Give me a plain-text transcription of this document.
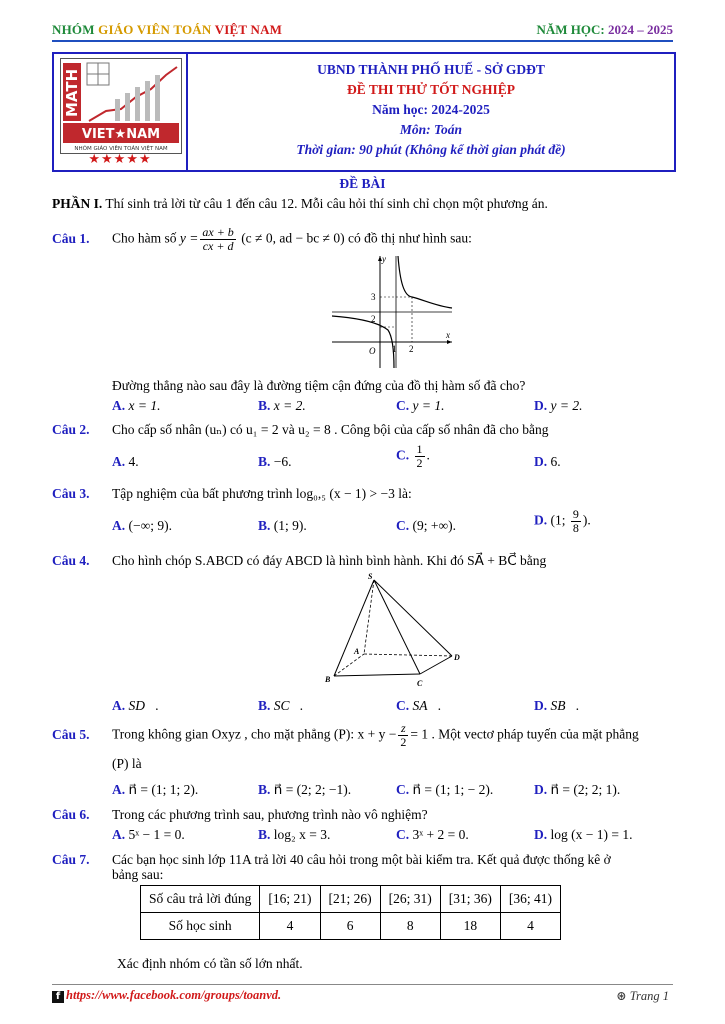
NHÓM GIÁO VIÊN TOÁN VIỆT NAM	NĂM HỌC: 2024 – 2025
MATH
VIET★NAM
NHÓM GIÁO VIÊN TOÁN VIỆT NAM
★★★★★
UBND THÀNH PHỐ HUẾ - SỞ GDĐT
ĐỀ THI THỬ TỐT NGHIỆP
Năm học: 2024-2025
Môn: Toán
Thời gian: 90 phút (Không kể thời gian phát đề)
ĐỀ BÀI
PHẦN I. Thí sinh trả lời từ câu 1 đến câu 12. Mỗi câu hỏi thí sinh chỉ chọn một phương án.
Câu 1. Cho hàm số $y = \frac{ax + b}{cx + d} (c \ne 0$, ad − bc ≠ 0) có đồ thị như hình sau:
y
x
O 1 2
3
2
Đường thẳng nào sau đây là đường tiệm cận đứng của đồ thị hàm số đã cho?
A. x = 1.	B. x = 2.	C. y = 1.	D. y = 2.
Câu 2. Cho cấp số nhân (uₙ) có u₁ = 2 và u₂ = 8 . Công bội của cấp số nhân đã cho bằng
A. 4.	B. −6.	C. $\frac{1}{2}$ .	D. 6.
Câu 3. Tập nghiệm của bất phương trình log₀,₅ (x − 1) > −3 là:
A. (−∞; 9).	B. (1; 9).	C. (9; +∞).	D. (1; $\frac{9}{8}$ ).
Câu 4. Cho hình chóp S.ABCD có đáy ABCD là hình bình hành. Khi đó SA⃗ + BC⃗ bằng
S
A
B	C
D
A. SD⃗.	B. SC⃗.	C. SA⃗.	D. SB⃗.
Câu 5. Trong không gian Oxyz , cho mặt phẳng (P): $x + y - \frac{z}{2} = 1$ . Một vectơ pháp tuyến của mặt phẳng
(P) là
A. n⃗ = (1; 1; 2).	B. n⃗ = (2; 2; −1).	C. n⃗ = (1; 1; − 2).	D. n⃗ = (2; 2; 1).
Câu 6. Trong các phương trình sau, phương trình nào vô nghiệm?
A. 5ˣ − 1 = 0.	B. log₂ x = 3.	C. 3ˣ + 2 = 0.	D. log (x − 1) = 1.
Câu 7. Các bạn học sinh lớp 11A trả lời 40 câu hỏi trong một bài kiểm tra. Kết quả được thống kê ở
bảng sau:
Số câu trả lời đúng	[16; 21)	[21; 26)	[26; 31)	[31; 36)	[36; 41)
Số học sinh	4	6	8	18	4
Xác định nhóm có tần số lớn nhất.
f https://www.facebook.com/groups/toanvd.	⊛ Trang 1
